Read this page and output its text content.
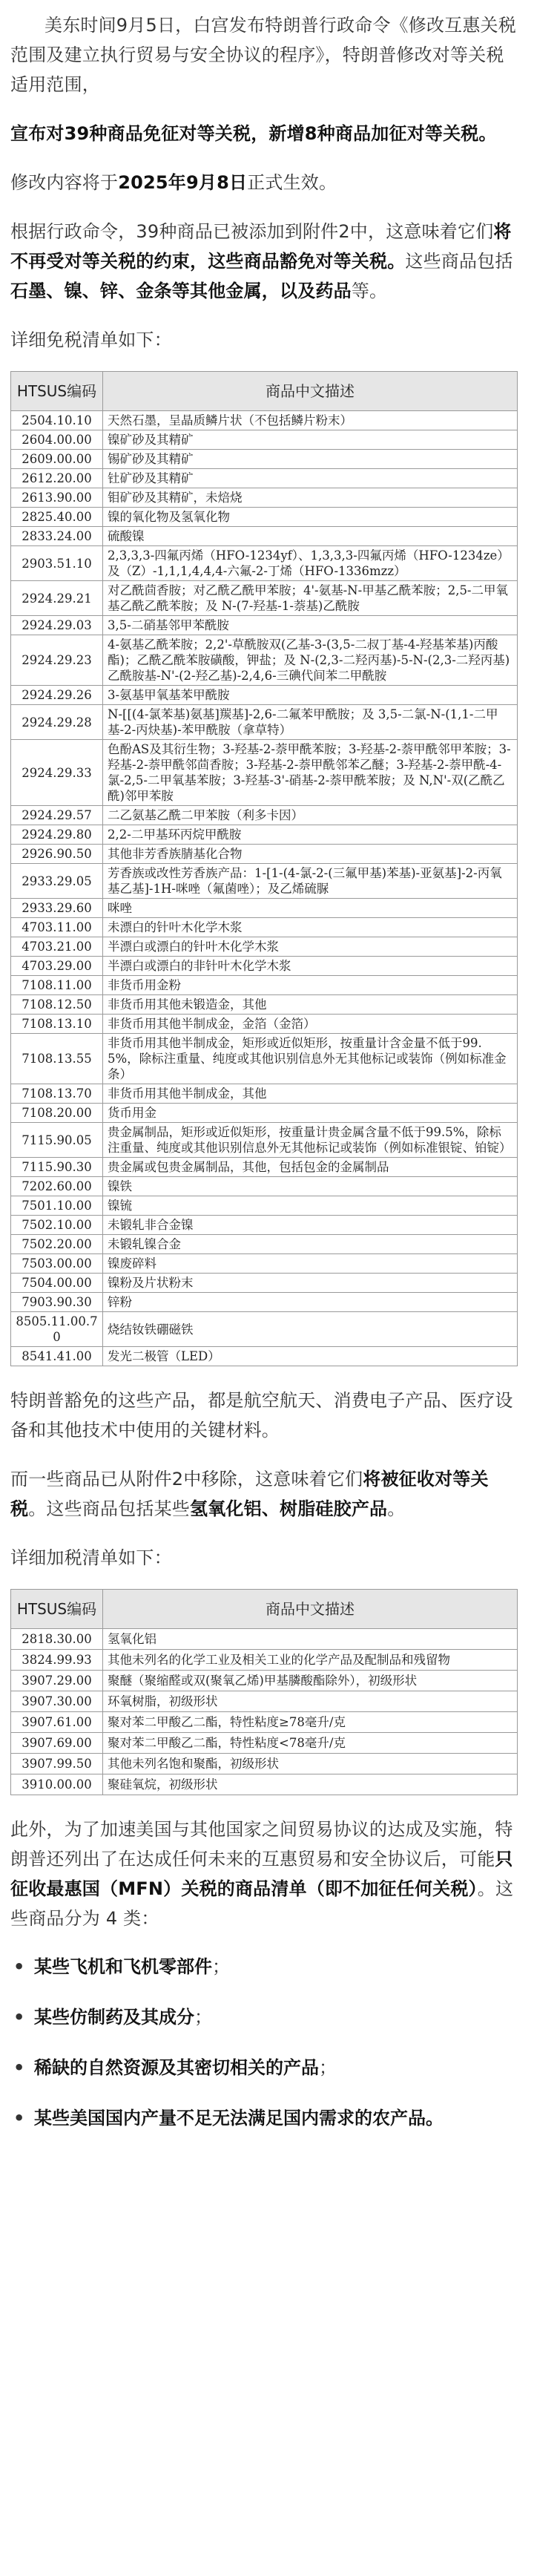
美东时间9月5日，白宫发布特朗普行政命令《修改互惠关税范围及建立执行贸易与安全协议的程序》，特朗普修改对等关税适用范围，

宣布对39种商品免征对等关税，新增8种商品加征对等关税。

修改内容将于2025年9月8日正式生效。

根据行政命令，39种商品已被添加到附件2中，这意味着它们将不再受对等关税的约束，这些商品豁免对等关税。这些商品包括石墨、镍、锌、金条等其他金属，以及药品等。

详细免税清单如下：

HTSUS编码	商品中文描述
2504.10.10	天然石墨，呈晶质鳞片状（不包括鳞片粉末）
2604.00.00	镍矿砂及其精矿
2609.00.00	锡矿砂及其精矿
2612.20.00	钍矿砂及其精矿
2613.90.00	钼矿砂及其精矿，未焙烧
2825.40.00	镍的氧化物及氢氧化物
2833.24.00	硫酸镍
2903.51.10	2,3,3,3-四氟丙烯（HFO-1234yf）、1,3,3,3-四氟丙烯（HFO-1234ze）及（Z）-1,1,1,4,4,4-六氟-2-丁烯（HFO-1336mzz）
2924.29.21	对乙酰茴香胺；对乙酰乙酰甲苯胺；4'-氨基-N-甲基乙酰苯胺；2,5-二甲氧基乙酰乙酰苯胺；及 N-(7-羟基-1-萘基)乙酰胺
2924.29.03	3,5-二硝基邻甲苯酰胺
2924.29.23	4-氨基乙酰苯胺；2,2'-草酰胺双(乙基-3-(3,5-二叔丁基-4-羟基苯基)丙酸酯)；乙酰乙酰苯胺磺酸，钾盐；及 N-(2,3-二羟丙基)-5-N-(2,3-二羟丙基)乙酰胺基-N'-(2-羟乙基)-2,4,6-三碘代间苯二甲酰胺
2924.29.26	3-氨基甲氧基苯甲酰胺
2924.29.28	N-[[(4-氯苯基)氨基]羰基]-2,6-二氟苯甲酰胺；及 3,5-二氯-N-(1,1-二甲基-2-丙炔基)-苯甲酰胺（拿草特）
2924.29.33	色酚AS及其衍生物；3-羟基-2-萘甲酰苯胺；3-羟基-2-萘甲酰邻甲苯胺；3-羟基-2-萘甲酰邻茴香胺；3-羟基-2-萘甲酰邻苯乙醚；3-羟基-2-萘甲酰-4-氯-2,5-二甲氧基苯胺；3-羟基-3'-硝基-2-萘甲酰苯胺；及 N,N'-双(乙酰乙酰)邻甲苯胺
2924.29.57	二乙氨基乙酰二甲苯胺（利多卡因）
2924.29.80	2,2-二甲基环丙烷甲酰胺
2926.90.50	其他非芳香族腈基化合物
2933.29.05	芳香族或改性芳香族产品：1-[1-(4-氯-2-(三氟甲基)苯基)-亚氨基]-2-丙氧基乙基]-1H-咪唑（氟菌唑）；及乙烯硫脲
2933.29.60	咪唑
4703.11.00	未漂白的针叶木化学木浆
4703.21.00	半漂白或漂白的针叶木化学木浆
4703.29.00	半漂白或漂白的非针叶木化学木浆
7108.11.00	非货币用金粉
7108.12.50	非货币用其他未锻造金，其他
7108.13.10	非货币用其他半制成金，金箔（金箔）
7108.13.55	非货币用其他半制成金，矩形或近似矩形，按重量计含金量不低于99.5%，除标注重量、纯度或其他识别信息外无其他标记或装饰（例如标准金条）
7108.13.70	非货币用其他半制成金，其他
7108.20.00	货币用金
7115.90.05	贵金属制品，矩形或近似矩形，按重量计贵金属含量不低于99.5%，除标注重量、纯度或其他识别信息外无其他标记或装饰（例如标准银锭、铂锭）
7115.90.30	贵金属或包贵金属制品，其他，包括包金的金属制品
7202.60.00	镍铁
7501.10.00	镍锍
7502.10.00	未锻轧非合金镍
7502.20.00	未锻轧镍合金
7503.00.00	镍废碎料
7504.00.00	镍粉及片状粉末
7903.90.30	锌粉
8505.11.00.70	烧结钕铁硼磁铁
8541.41.00	发光二极管（LED）

特朗普豁免的这些产品，都是航空航天、消费电子产品、医疗设备和其他技术中使用的关键材料。

而一些商品已从附件2中移除，这意味着它们将被征收对等关税。这些商品包括某些氢氧化铝、树脂硅胶产品。

详细加税清单如下：

HTSUS编码	商品中文描述
2818.30.00	氢氧化铝
3824.99.93	其他未列名的化学工业及相关工业的化学产品及配制品和残留物
3907.29.00	聚醚（聚缩醛或双(聚氧乙烯)甲基膦酸酯除外），初级形状
3907.30.00	环氧树脂，初级形状
3907.61.00	聚对苯二甲酸乙二酯，特性粘度≥78毫升/克
3907.69.00	聚对苯二甲酸乙二酯，特性粘度<78毫升/克
3907.99.50	其他未列名饱和聚酯，初级形状
3910.00.00	聚硅氧烷，初级形状

此外，为了加速美国与其他国家之间贸易协议的达成及实施，特朗普还列出了在达成任何未来的互惠贸易和安全协议后，可能只征收最惠国（MFN）关税的商品清单（即不加征任何关税）。这些商品分为 4 类：

• 某些飞机和飞机零部件；
• 某些仿制药及其成分；
• 稀缺的自然资源及其密切相关的产品；
• 某些美国国内产量不足无法满足国内需求的农产品。
